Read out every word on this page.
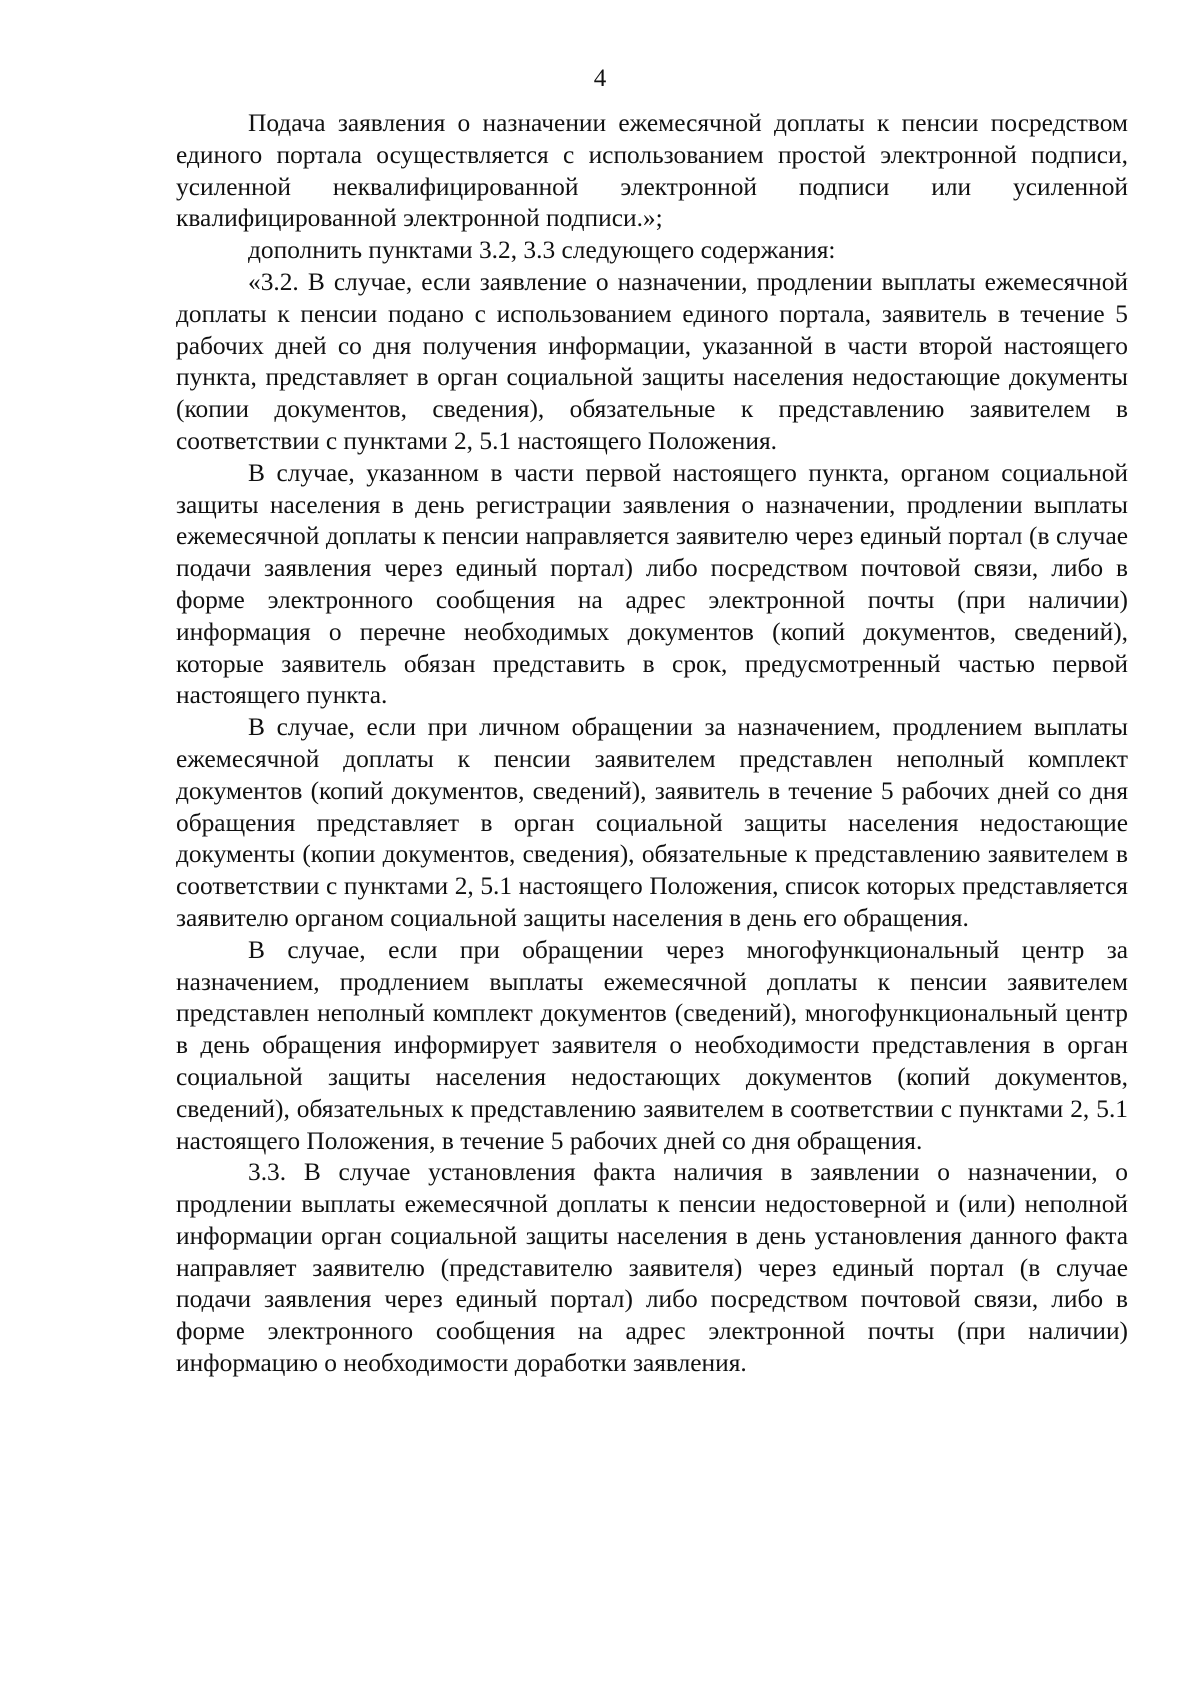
4

Подача заявления о назначении ежемесячной доплаты к пенсии посредством единого портала осуществляется с использованием простой электронной подписи, усиленной неквалифицированной электронной подписи или усиленной квалифицированной электронной подписи.»;

дополнить пунктами 3.2, 3.3 следующего содержания:

«3.2. В случае, если заявление о назначении, продлении выплаты ежемесячной доплаты к пенсии подано с использованием единого портала, заявитель в течение 5 рабочих дней со дня получения информации, указанной в части второй настоящего пункта, представляет в орган социальной защиты населения недостающие документы (копии документов, сведения), обязательные к представлению заявителем в соответствии с пунктами 2, 5.1 настоящего Положения.

В случае, указанном в части первой настоящего пункта, органом социальной защиты населения в день регистрации заявления о назначении, продлении выплаты ежемесячной доплаты к пенсии направляется заявителю через единый портал (в случае подачи заявления через единый портал) либо посредством почтовой связи, либо в форме электронного сообщения на адрес электронной почты (при наличии) информация о перечне необходимых документов (копий документов, сведений), которые заявитель обязан представить в срок, предусмотренный частью первой настоящего пункта.

В случае, если при личном обращении за назначением, продлением выплаты ежемесячной доплаты к пенсии заявителем представлен неполный комплект документов (копий документов, сведений), заявитель в течение 5 рабочих дней со дня обращения представляет в орган социальной защиты населения недостающие документы (копии документов, сведения), обязательные к представлению заявителем в соответствии с пунктами 2, 5.1 настоящего Положения, список которых представляется заявителю органом социальной защиты населения в день его обращения.

В случае, если при обращении через многофункциональный центр за назначением, продлением выплаты ежемесячной доплаты к пенсии заявителем представлен неполный комплект документов (сведений), многофункциональный центр в день обращения информирует заявителя о необходимости представления в орган социальной защиты населения недостающих документов (копий документов, сведений), обязательных к представлению заявителем в соответствии с пунктами 2, 5.1 настоящего Положения, в течение 5 рабочих дней со дня обращения.

3.3. В случае установления факта наличия в заявлении о назначении, о продлении выплаты ежемесячной доплаты к пенсии недостоверной и (или) неполной информации орган социальной защиты населения в день установления данного факта направляет заявителю (представителю заявителя) через единый портал (в случае подачи заявления через единый портал) либо посредством почтовой связи, либо в форме электронного сообщения на адрес электронной почты (при наличии) информацию о необходимости доработки заявления.
